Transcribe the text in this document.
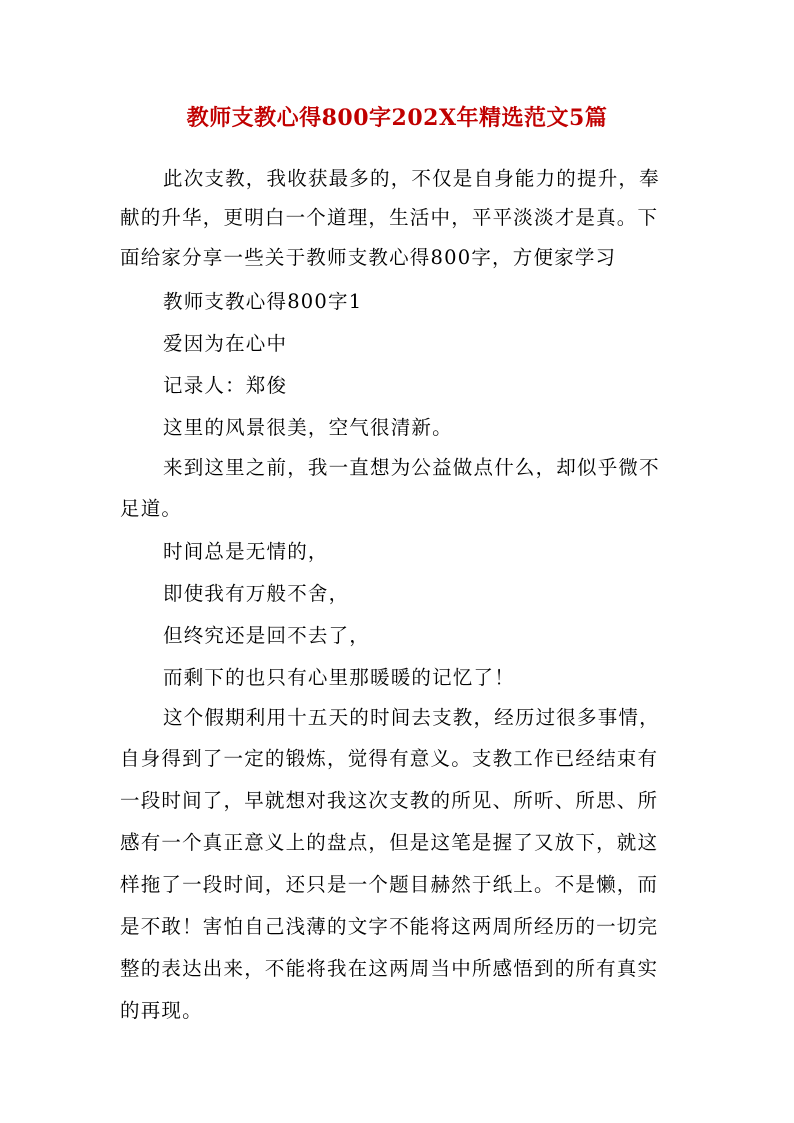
教师支教心得800字202X年精选范文5篇
此次支教，我收获最多的，不仅是自身能力的提升，奉
献的升华，更明白一个道理，生活中，平平淡淡才是真。下
面给家分享一些关于教师支教心得800字，方便家学习
教师支教心得800字1
爱因为在心中
记录人：郑俊
这里的风景很美，空气很清新。
来到这里之前，我一直想为公益做点什么，却似乎微不
足道。
时间总是无情的，
即使我有万般不舍，
但终究还是回不去了，
而剩下的也只有心里那暖暖的记忆了！
这个假期利用十五天的时间去支教，经历过很多事情，
自身得到了一定的锻炼，觉得有意义。支教工作已经结束有
一段时间了，早就想对我这次支教的所见、所听、所思、所
感有一个真正意义上的盘点，但是这笔是握了又放下，就这
样拖了一段时间，还只是一个题目赫然于纸上。不是懒，而
是不敢！害怕自己浅薄的文字不能将这两周所经历的一切完
整的表达出来，不能将我在这两周当中所感悟到的所有真实
的再现。
